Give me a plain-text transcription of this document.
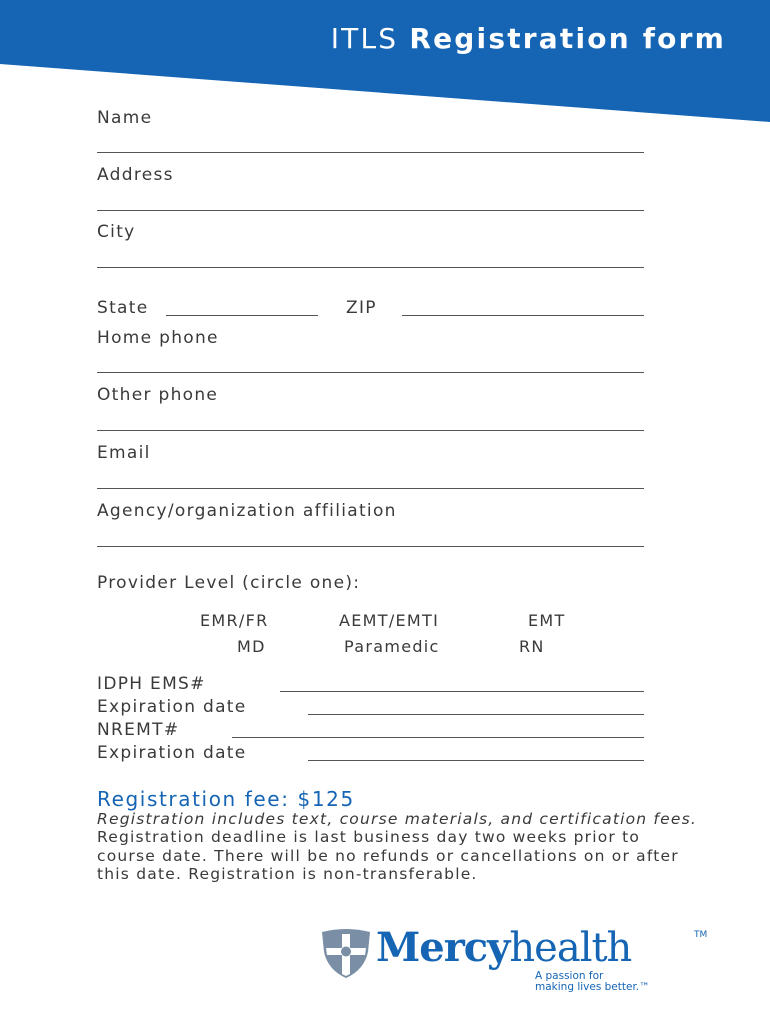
ITLS Registration form
Name
Address
City
State	ZIP
Home phone
Other phone
Email
Agency/organization affiliation
Provider Level (circle one):
EMR/FR	AEMT/EMTI	EMT
MD	Paramedic	RN
IDPH EMS#
Expiration date
NREMT#
Expiration date
Registration fee: $125
Registration includes text, course materials, and certification fees. Registration deadline is last business day two weeks prior to course date. There will be no refunds or cancellations on or after this date. Registration is non-transferable.
Mercyhealth	TM
A passion for
making lives better.™
